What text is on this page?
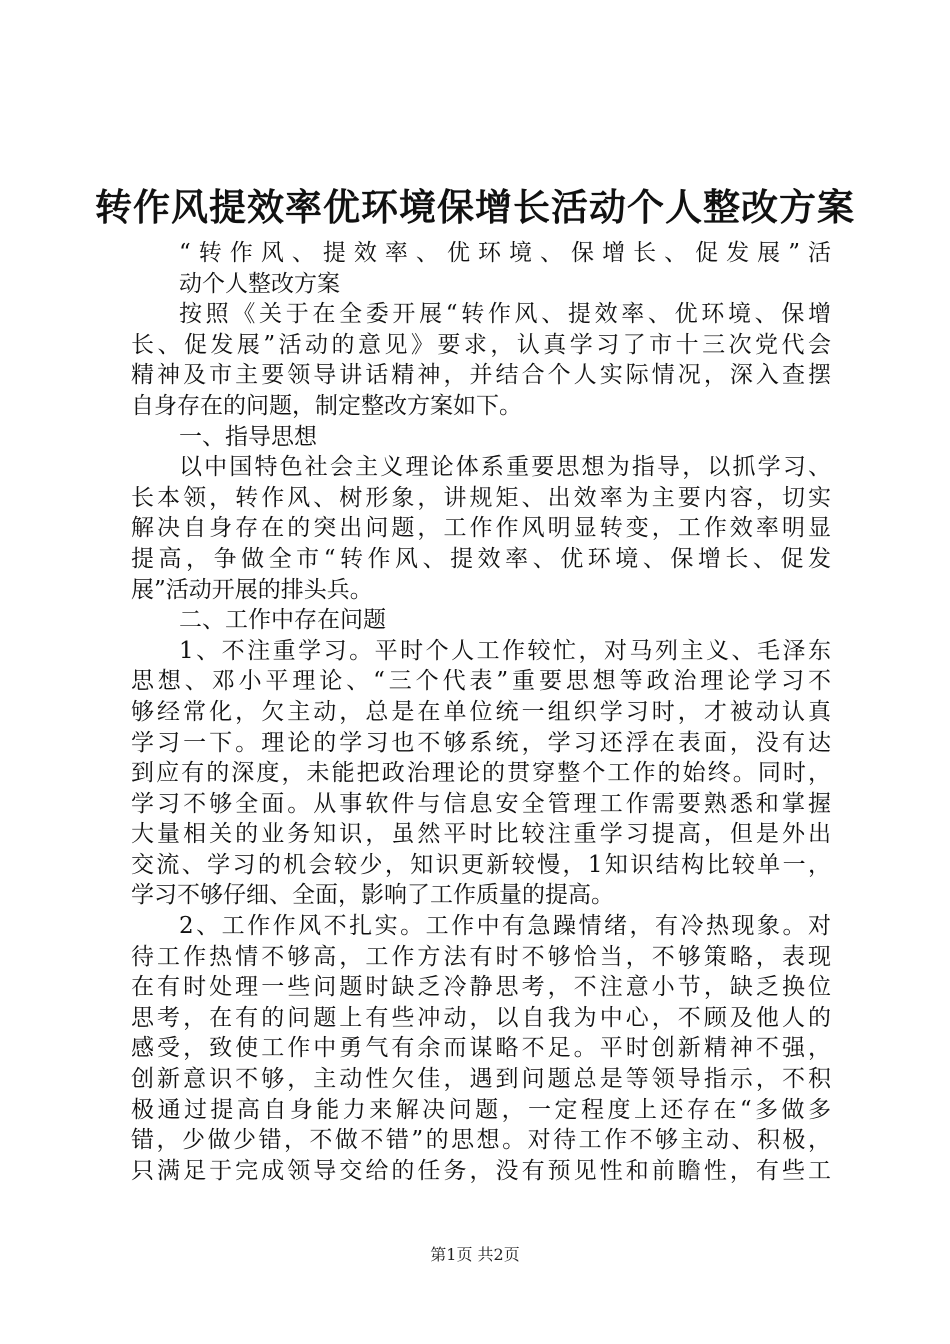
转作风提效率优环境保增长活动个人整改方案
“转作风、提效率、优环境、保增长、促发展”活
动个人整改方案
按照《关于在全委开展“转作风、提效率、优环境、保增
长、促发展”活动的意见》要求，认真学习了市十三次党代会
精神及市主要领导讲话精神，并结合个人实际情况，深入查摆
自身存在的问题，制定整改方案如下。
一、指导思想
以中国特色社会主义理论体系重要思想为指导，以抓学习、
长本领，转作风、树形象，讲规矩、出效率为主要内容，切实
解决自身存在的突出问题，工作作风明显转变，工作效率明显
提高，争做全市“转作风、提效率、优环境、保增长、促发
展”活动开展的排头兵。
二、工作中存在问题
1、不注重学习。平时个人工作较忙，对马列主义、毛泽东
思想、邓小平理论、“三个代表”重要思想等政治理论学习不
够经常化，欠主动，总是在单位统一组织学习时，才被动认真
学习一下。理论的学习也不够系统，学习还浮在表面，没有达
到应有的深度，未能把政治理论的贯穿整个工作的始终。同时，
学习不够全面。从事软件与信息安全管理工作需要熟悉和掌握
大量相关的业务知识，虽然平时比较注重学习提高，但是外出
交流、学习的机会较少，知识更新较慢，1知识结构比较单一，
学习不够仔细、全面，影响了工作质量的提高。
2、工作作风不扎实。工作中有急躁情绪，有冷热现象。对
待工作热情不够高，工作方法有时不够恰当，不够策略，表现
在有时处理一些问题时缺乏冷静思考，不注意小节，缺乏换位
思考，在有的问题上有些冲动，以自我为中心，不顾及他人的
感受，致使工作中勇气有余而谋略不足。平时创新精神不强，
创新意识不够，主动性欠佳，遇到问题总是等领导指示，不积
极通过提高自身能力来解决问题，一定程度上还存在“多做多
错，少做少错，不做不错”的思想。对待工作不够主动、积极，
只满足于完成领导交给的任务，没有预见性和前瞻性，有些工
第1页 共2页
